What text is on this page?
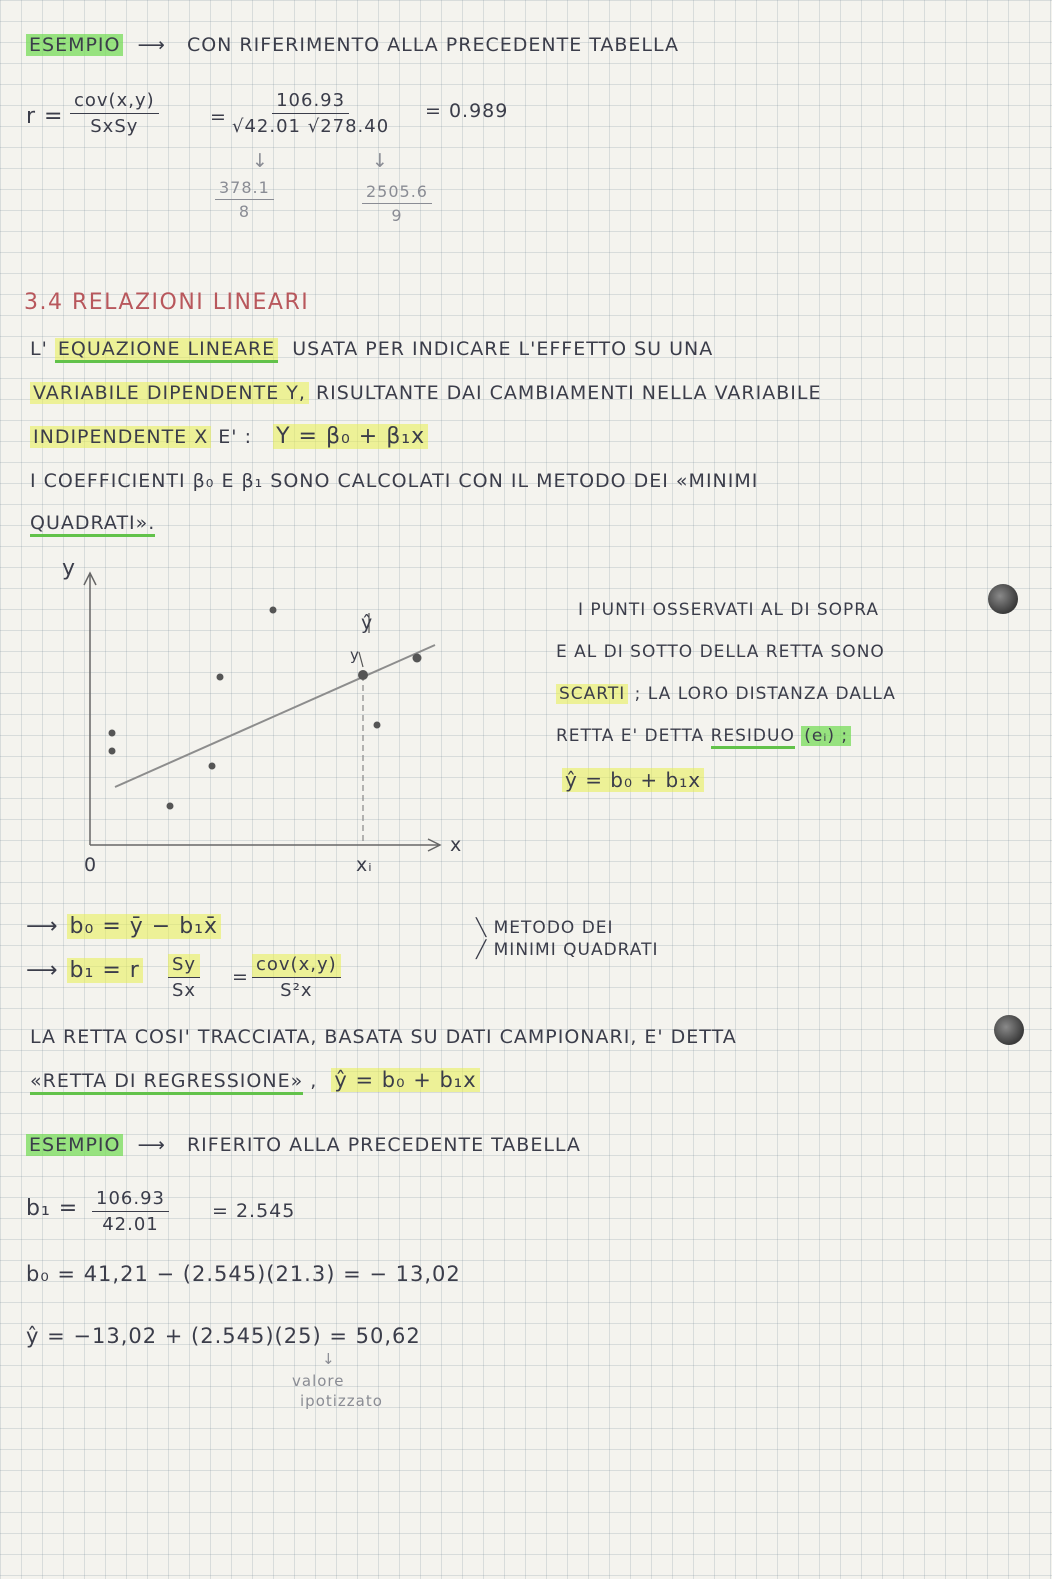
ESEMPIO  ⟶   CON RIFERIMENTO ALLA PRECEDENTE TABELLA
r =
cov(x,y)
SxSy	= $\frac{106.93}{√42.01 √278.40} = 0.989$
↓	↓
$\frac{378.1}{8}$	$\frac{2505.6}{9}$
3.4 RELAZIONI LINEARI
L' EQUAZIONE LINEARE USATA PER INDICARE L'EFFETTO SU UNA
VARIABILE DIPENDENTE Y, RISULTANTE DAI CAMBIAMENTI NELLA VARIABILE
INDIPENDENTE X E' : Y = β₀ + β₁x
I COEFFICIENTI β₀ E β₁ SONO CALCOLATI CON IL METODO DEI «MINIMI
QUADRATI».
y
x
0	xᵢ
ŷ
y
I PUNTI OSSERVATI AL DI SOPRA
E AL DI SOTTO DELLA RETTA SONO
SCARTI ; LA LORO DISTANZA DALLA
RETTA E' DETTA RESIDUO (eᵢ) ;
ŷ = b₀ + b₁x
⟶ b₀ = ȳ − b₁x̄
⟶ b₁ = r $\frac{Sy}{Sx}$ =
cov(x,y)
S²x
╲ METODO DEI
╱ MINIMI QUADRATI
LA RETTA COSI' TRACCIATA, BASATA SU DATI CAMPIONARI, E' DETTA
«RETTA DI REGRESSIONE» , ŷ = b₀ + b₁x
ESEMPIO  ⟶   RIFERITO ALLA PRECEDENTE TABELLA
$b_1 = \frac{106.93}{42.01} = 2.545$
b₀ = 41,21 − (2.545)(21.3) = − 13,02
ŷ = −13,02 + (2.545)(25) = 50,62
↓
valore
ipotizzato
